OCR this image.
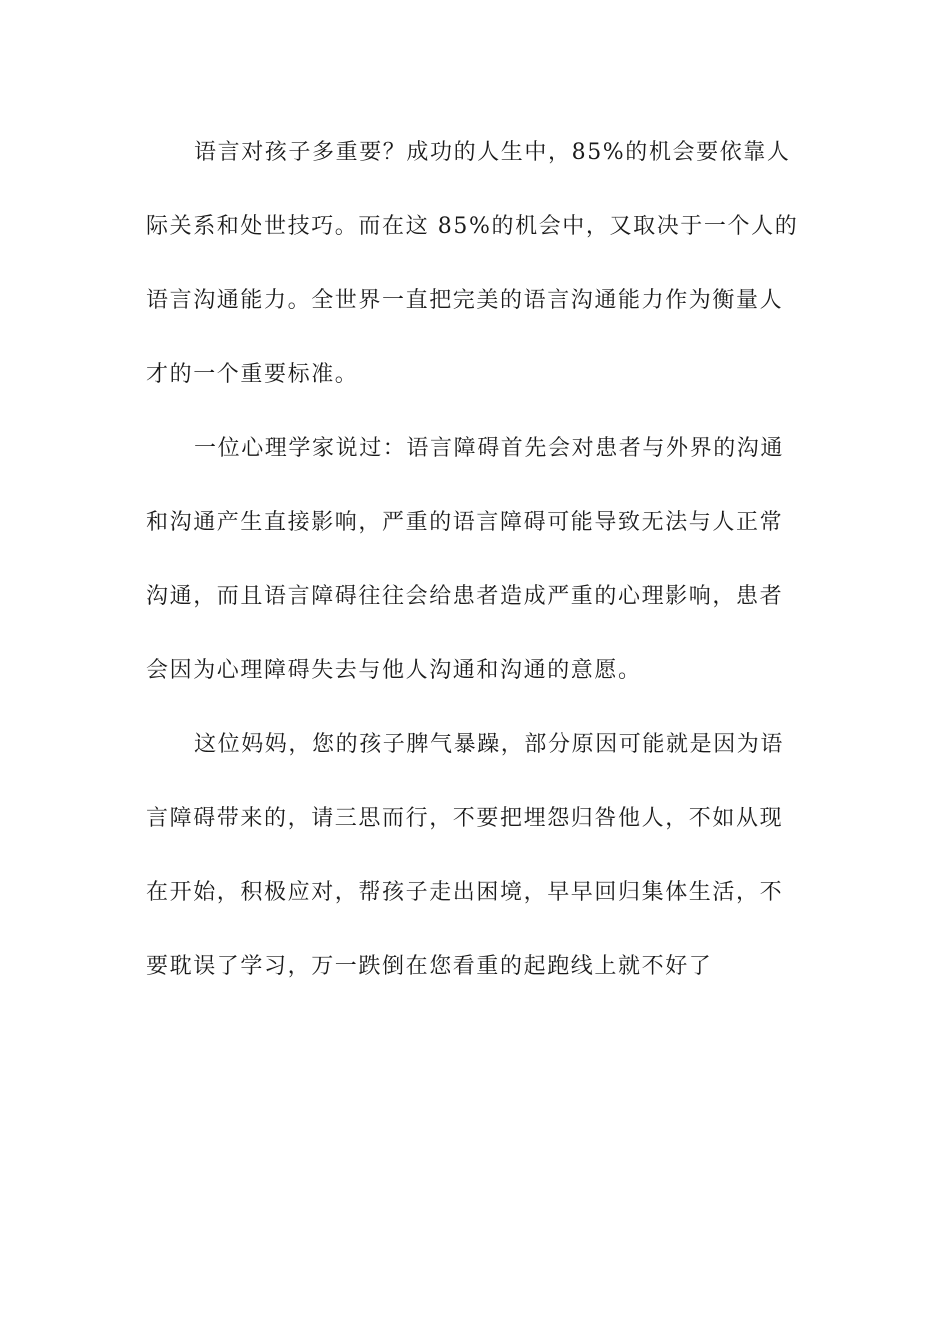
语言对孩子多重要？成功的人生中，85%的机会要依靠人
际关系和处世技巧。而在这 85%的机会中，又取决于一个人的
语言沟通能力。全世界一直把完美的语言沟通能力作为衡量人
才的一个重要标准。
一位心理学家说过：语言障碍首先会对患者与外界的沟通
和沟通产生直接影响，严重的语言障碍可能导致无法与人正常
沟通，而且语言障碍往往会给患者造成严重的心理影响，患者
会因为心理障碍失去与他人沟通和沟通的意愿。
这位妈妈，您的孩子脾气暴躁，部分原因可能就是因为语
言障碍带来的，请三思而行，不要把埋怨归咎他人，不如从现
在开始，积极应对，帮孩子走出困境，早早回归集体生活，不
要耽误了学习，万一跌倒在您看重的起跑线上就不好了
